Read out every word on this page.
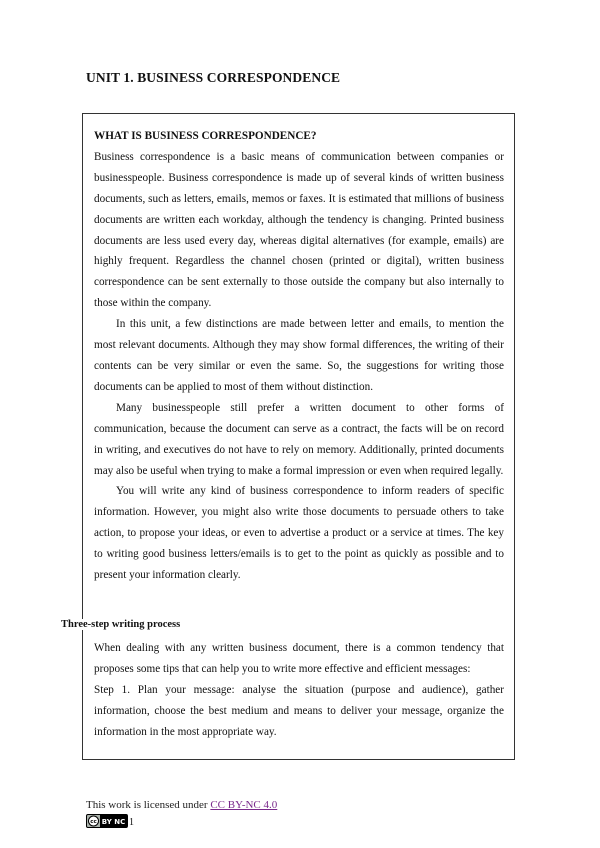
UNIT 1. BUSINESS CORRESPONDENCE
WHAT IS BUSINESS CORRESPONDENCE?

Business correspondence is a basic means of communication between companies or businesspeople. Business correspondence is made up of several kinds of written business documents, such as letters, emails, memos or faxes. It is estimated that millions of business documents are written each workday, although the tendency is changing. Printed business documents are less used every day, whereas digital alternatives (for example, emails) are highly frequent. Regardless the channel chosen (printed or digital), written business correspondence can be sent externally to those outside the company but also internally to those within the company.

In this unit, a few distinctions are made between letter and emails, to mention the most relevant documents. Although they may show formal differences, the writing of their contents can be very similar or even the same. So, the suggestions for writing those documents can be applied to most of them without distinction.

Many businesspeople still prefer a written document to other forms of communication, because the document can serve as a contract, the facts will be on record in writing, and executives do not have to rely on memory. Additionally, printed documents may also be useful when trying to make a formal impression or even when required legally.

You will write any kind of business correspondence to inform readers of specific information. However, you might also write those documents to persuade others to take action, to propose your ideas, or even to advertise a product or a service at times. The key to writing good business letters/emails is to get to the point as quickly as possible and to present your information clearly.

Three-step writing process

When dealing with any written business document, there is a common tendency that proposes some tips that can help you to write more effective and efficient messages:

Step 1. Plan your message: analyse the situation (purpose and audience), gather information, choose the best medium and means to deliver your message, organize the information in the most appropriate way.

This work is licensed under CC BY-NC 4.0
cc BY NC 1
